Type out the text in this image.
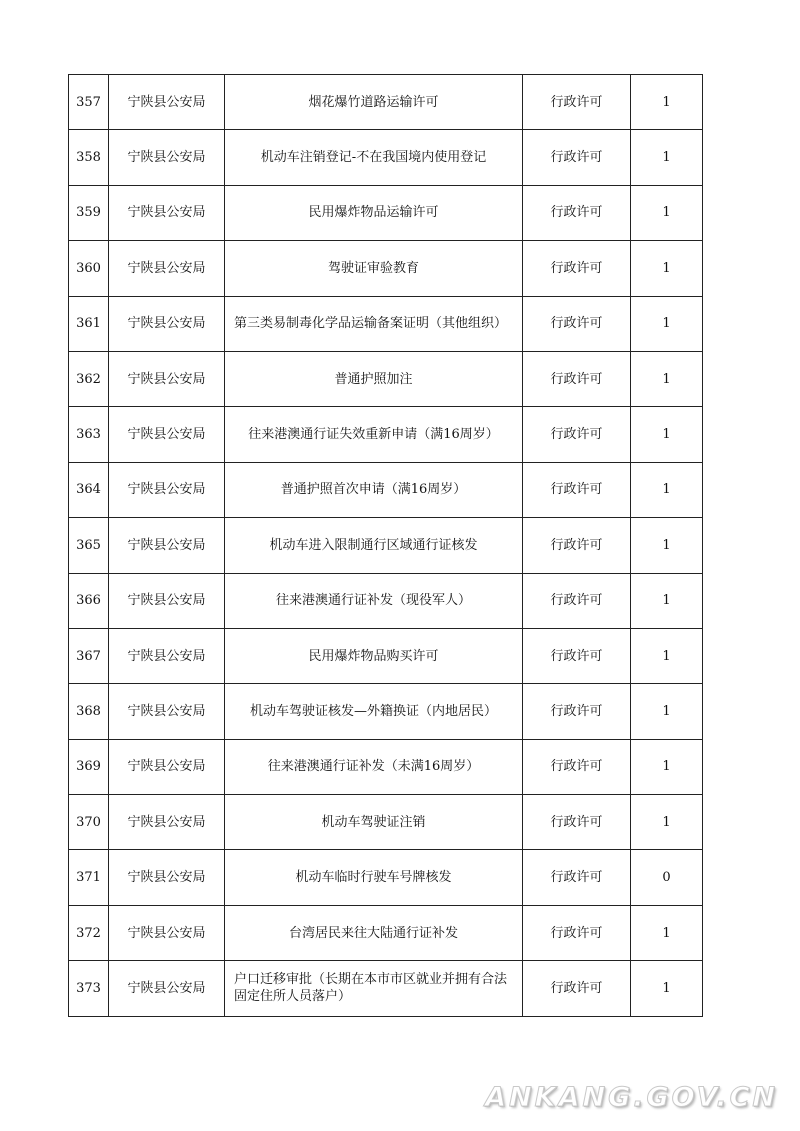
357	宁陕县公安局	烟花爆竹道路运输许可	行政许可	1
358	宁陕县公安局	机动车注销登记-不在我国境内使用登记	行政许可	1
359	宁陕县公安局	民用爆炸物品运输许可	行政许可	1
360	宁陕县公安局	驾驶证审验教育	行政许可	1
361	宁陕县公安局	第三类易制毒化学品运输备案证明（其他组织）	行政许可	1
362	宁陕县公安局	普通护照加注	行政许可	1
363	宁陕县公安局	往来港澳通行证失效重新申请（满16周岁）	行政许可	1
364	宁陕县公安局	普通护照首次申请（满16周岁）	行政许可	1
365	宁陕县公安局	机动车进入限制通行区域通行证核发	行政许可	1
366	宁陕县公安局	往来港澳通行证补发（现役军人）	行政许可	1
367	宁陕县公安局	民用爆炸物品购买许可	行政许可	1
368	宁陕县公安局	机动车驾驶证核发—外籍换证（内地居民）	行政许可	1
369	宁陕县公安局	往来港澳通行证补发（未满16周岁）	行政许可	1
370	宁陕县公安局	机动车驾驶证注销	行政许可	1
371	宁陕县公安局	机动车临时行驶车号牌核发	行政许可	0
372	宁陕县公安局	台湾居民来往大陆通行证补发	行政许可	1
373	宁陕县公安局	户口迁移审批（长期在本市市区就业并拥有合法固定住所人员落户）	行政许可	1
ANKANG.GOV.CN
